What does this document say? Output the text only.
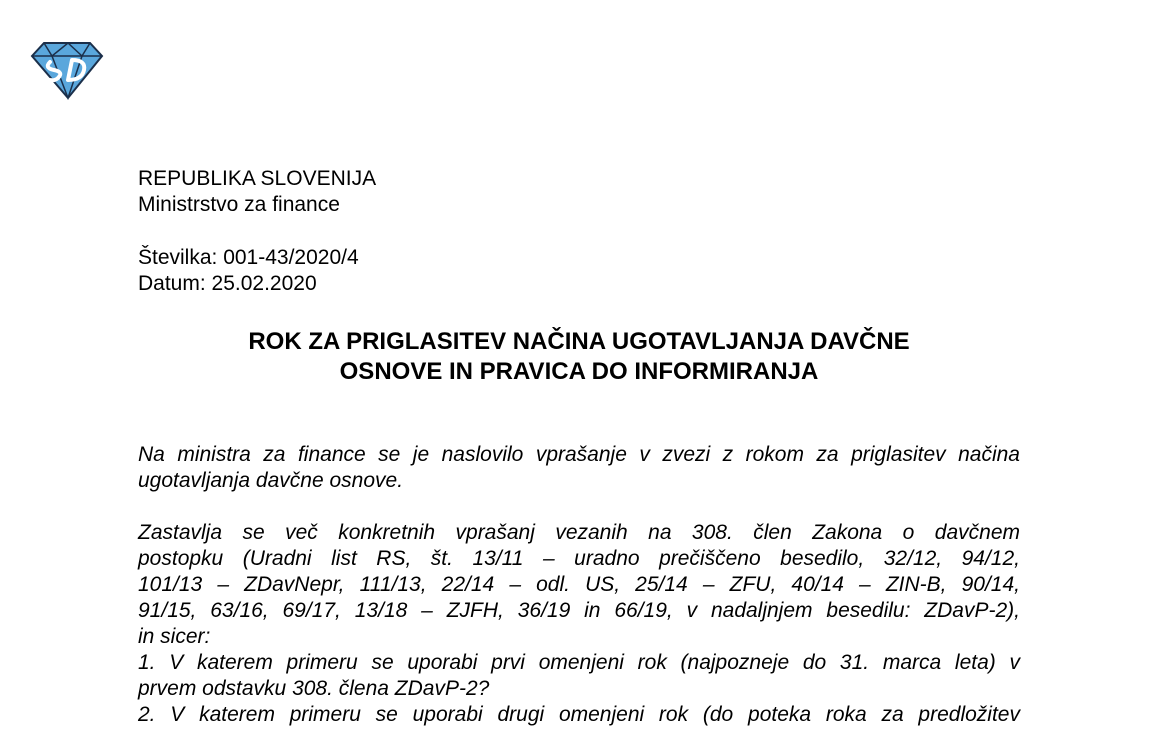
REPUBLIKA SLOVENIJA
Ministrstvo za finance
Številka: 001-43/2020/4
Datum: 25.02.2020
ROK ZA PRIGLASITEV NAČINA UGOTAVLJANJA DAVČNE
OSNOVE IN PRAVICA DO INFORMIRANJA
Na ministra za finance se je naslovilo vprašanje v zvezi z rokom za priglasitev načina
ugotavljanja davčne osnove.
Zastavlja se več konkretnih vprašanj vezanih na 308. člen Zakona o davčnem
postopku (Uradni list RS, št. 13/11 – uradno prečiščeno besedilo, 32/12, 94/12,
101/13 – ZDavNepr, 111/13, 22/14 – odl. US, 25/14 – ZFU, 40/14 – ZIN-B, 90/14,
91/15, 63/16, 69/17, 13/18 – ZJFH, 36/19 in 66/19, v nadaljnjem besedilu: ZDavP-2),
in sicer:
1. V katerem primeru se uporabi prvi omenjeni rok (najpozneje do 31. marca leta) v
prvem odstavku 308. člena ZDavP-2?
2. V katerem primeru se uporabi drugi omenjeni rok (do poteka roka za predložitev
